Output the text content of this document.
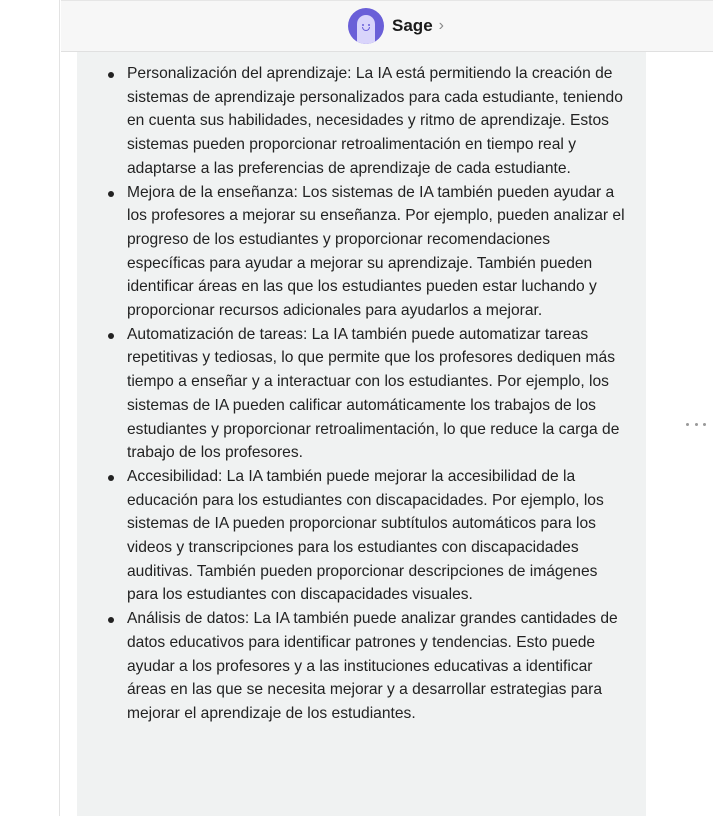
Sage ›
Personalización del aprendizaje: La IA está permitiendo la creación de sistemas de aprendizaje personalizados para cada estudiante, teniendo en cuenta sus habilidades, necesidades y ritmo de aprendizaje. Estos sistemas pueden proporcionar retroalimentación en tiempo real y adaptarse a las preferencias de aprendizaje de cada estudiante.
Mejora de la enseñanza: Los sistemas de IA también pueden ayudar a los profesores a mejorar su enseñanza. Por ejemplo, pueden analizar el progreso de los estudiantes y proporcionar recomendaciones específicas para ayudar a mejorar su aprendizaje. También pueden identificar áreas en las que los estudiantes pueden estar luchando y proporcionar recursos adicionales para ayudarlos a mejorar.
Automatización de tareas: La IA también puede automatizar tareas repetitivas y tediosas, lo que permite que los profesores dediquen más tiempo a enseñar y a interactuar con los estudiantes. Por ejemplo, los sistemas de IA pueden calificar automáticamente los trabajos de los estudiantes y proporcionar retroalimentación, lo que reduce la carga de trabajo de los profesores.
Accesibilidad: La IA también puede mejorar la accesibilidad de la educación para los estudiantes con discapacidades. Por ejemplo, los sistemas de IA pueden proporcionar subtítulos automáticos para los videos y transcripciones para los estudiantes con discapacidades auditivas. También pueden proporcionar descripciones de imágenes para los estudiantes con discapacidades visuales.
Análisis de datos: La IA también puede analizar grandes cantidades de datos educativos para identificar patrones y tendencias. Esto puede ayudar a los profesores y a las instituciones educativas a identificar áreas en las que se necesita mejorar y a desarrollar estrategias para mejorar el aprendizaje de los estudiantes.
